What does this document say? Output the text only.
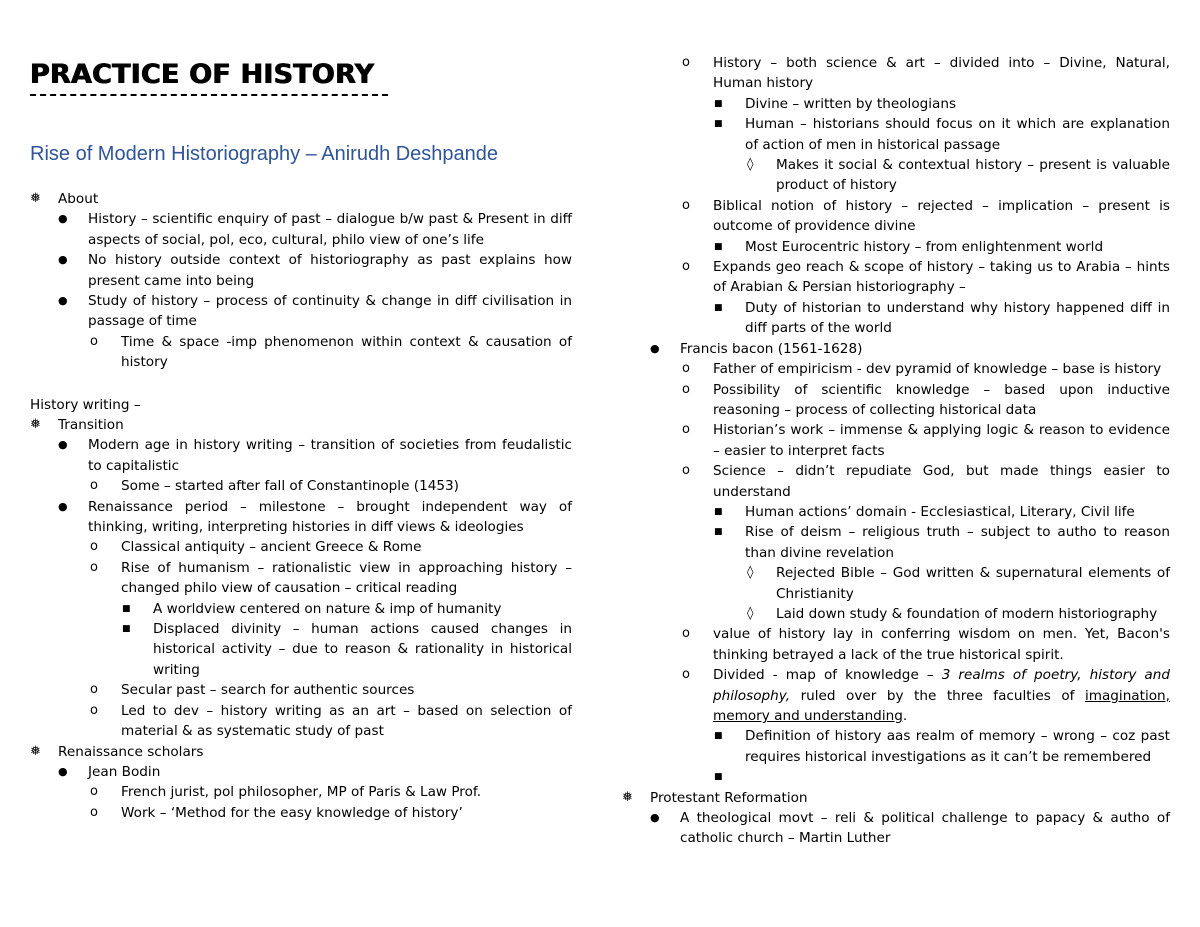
PRACTICE OF HISTORY
Rise of Modern Historiography – Anirudh Deshpande
❅ About
● History – scientific enquiry of past – dialogue b/w past & Present in diff aspects of social, pol, eco, cultural, philo view of one’s life
● No history outside context of historiography as past explains how present came into being
● Study of history – process of continuity & change in diff civilisation in passage of time
o Time & space -imp phenomenon within context & causation of history

History writing –

❅ Transition
● Modern age in history writing – transition of societies from feudalistic to capitalistic
o Some – started after fall of Constantinople (1453)
● Renaissance period – milestone – brought independent way of thinking, writing, interpreting histories in diff views & ideologies
o Classical antiquity – ancient Greece & Rome
o Rise of humanism – rationalistic view in approaching history – changed philo view of causation – critical reading
■ A worldview centered on nature & imp of humanity
■ Displaced divinity – human actions caused changes in historical activity – due to reason & rationality in historical writing
o Secular past – search for authentic sources
o Led to dev – history writing as an art – based on selection of material & as systematic study of past
❅ Renaissance scholars
● Jean Bodin
o French jurist, pol philosopher, MP of Paris & Law Prof.
o Work – ‘Method for the easy knowledge of history’
o History – both science & art – divided into – Divine, Natural, Human history
■ Divine – written by theologians
■ Human – historians should focus on it which are explanation of action of men in historical passage
◊ Makes it social & contextual history – present is valuable product of history
o Biblical notion of history – rejected – implication – present is outcome of providence divine
■ Most Eurocentric history – from enlightenment world
o Expands geo reach & scope of history – taking us to Arabia – hints of Arabian & Persian historiography –
■ Duty of historian to understand why history happened diff in diff parts of the world
● Francis bacon (1561-1628)
o Father of empiricism - dev pyramid of knowledge – base is history
o Possibility of scientific knowledge – based upon inductive reasoning – process of collecting historical data
o Historian’s work – immense & applying logic & reason to evidence – easier to interpret facts
o Science – didn’t repudiate God, but made things easier to understand
■ Human actions’ domain - Ecclesiastical, Literary, Civil life
■ Rise of deism – religious truth – subject to autho to reason than divine revelation
◊ Rejected Bible – God written & supernatural elements of Christianity
◊ Laid down study & foundation of modern historiography
o value of history lay in conferring wisdom on men. Yet, Bacon's thinking betrayed a lack of the true historical spirit.
o Divided - map of knowledge – 3 realms of poetry, history and philosophy, ruled over by the three faculties of imagination, memory and understanding.
■ Definition of history aas realm of memory – wrong – coz past requires historical investigations as it can’t be remembered
■
❅ Protestant Reformation
● A theological movt – reli & political challenge to papacy & autho of catholic church – Martin Luther
